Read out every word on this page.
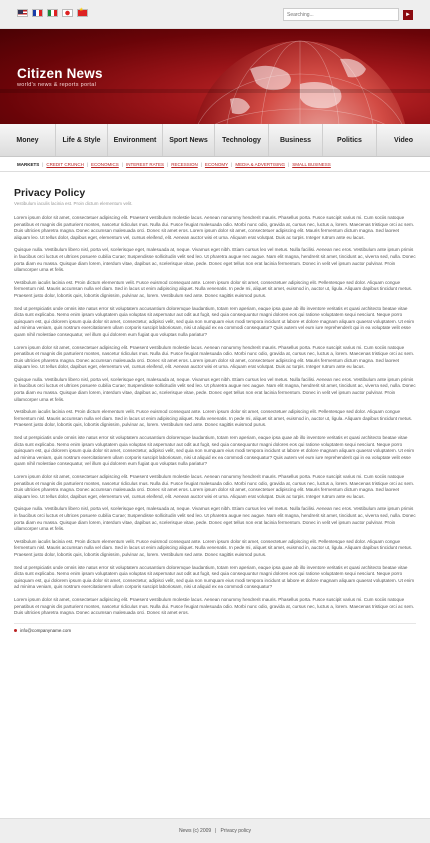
★
Searching...
►
Citizen News
world's news & reports portal
Money	Life & Style	Environment	Sport News	Technology	Business	Politics	Video
MARKETS | CREDIT CRUNCH | ECONOMICS | INTEREST RATES | RECESSION | ECONOMY | MEDIA & ADVERTISING | SMALL BUSINESS
Privacy Policy
Vestibulum iaculis lacinia est. Proin dictum elementum velit.

Lorem ipsum dolor sit amet, consectetuer adipiscing elit. Praesent vestibulum molestie lacus. Aenean nonummy hendrerit mauris. Phasellus porta. Fusce suscipit varius mi. Cum sociis natoque penatibus et magnis dis parturient montes, nascetur ridiculus mus. Nulla dui. Fusce feugiat malesuada odio. Morbi nunc odio, gravida at, cursus nec, luctus a, lorem. Maecenas tristique orci ac sem. Duis ultricies pharetra magna. Donec accumsan malesuada orci. Donec sit amet eros. Lorem ipsum dolor sit amet, consectetuer adipiscing elit. Mauris fermentum dictum magna. Sed laoreet aliquam leo. Ut tellus dolor, dapibus eget, elementum vel, cursus eleifend, elit. Aenean auctor wisi et urna. Aliquam erat volutpat. Duis ac turpis. Integer rutrum ante eu lacus.

Quisque nulla. Vestibulum libero nisl, porta vel, scelerisque eget, malesuada at, neque. Vivamus eget nibh. Etiam cursus leo vel metus. Nulla facilisi. Aenean nec eros. Vestibulum ante ipsum primis in faucibus orci luctus et ultrices posuere cubilia Curae; Suspendisse sollicitudin velit sed leo. Ut pharetra augue nec augue. Nam elit magna, hendrerit sit amet, tincidunt ac, viverra sed, nulla. Donec porta diam eu massa. Quisque diam lorem, interdum vitae, dapibus ac, scelerisque vitae, pede. Donec eget tellus non erat lacinia fermentum. Donec in velit vel ipsum auctor pulvinar. Proin ullamcorper urna et felis.

Vestibulum iaculis lacinia est. Proin dictum elementum velit. Fusce euismod consequat ante. Lorem ipsum dolor sit amet, consectetuer adipiscing elit. Pellentesque sed dolor. Aliquam congue fermentum nisl. Mauris accumsan nulla vel diam. Sed in lacus ut enim adipiscing aliquet. Nulla venenatis. In pede mi, aliquet sit amet, euismod in, auctor ut, ligula. Aliquam dapibus tincidunt metus. Praesent justo dolor, lobortis quis, lobortis dignissim, pulvinar ac, lorem. Vestibulum sed ante. Donec sagittis euismod purus.

Sed ut perspiciatis unde omnis iste natus error sit voluptatem accusantium doloremque laudantium, totam rem aperiam, eaque ipsa quae ab illo inventore veritatis et quasi architecto beatae vitae dicta sunt explicabo. Nemo enim ipsam voluptatem quia voluptas sit aspernatur aut odit aut fugit, sed quia consequuntur magni dolores eos qui ratione voluptatem sequi nesciunt. Neque porro quisquam est, qui dolorem ipsum quia dolor sit amet, consectetur, adipisci velit, sed quia non numquam eius modi tempora incidunt ut labore et dolore magnam aliquam quaerat voluptatem. Ut enim ad minima veniam, quis nostrum exercitationem ullam corporis suscipit laboriosam, nisi ut aliquid ex ea commodi consequatur? Quis autem vel eum iure reprehenderit qui in ea voluptate velit esse quam nihil molestiae consequatur, vel illum qui dolorem eum fugiat quo voluptas nulla pariatur?

Lorem ipsum dolor sit amet, consectetuer adipiscing elit. Praesent vestibulum molestie lacus. Aenean nonummy hendrerit mauris. Phasellus porta. Fusce suscipit varius mi. Cum sociis natoque penatibus et magnis dis parturient montes, nascetur ridiculus mus. Nulla dui. Fusce feugiat malesuada odio. Morbi nunc odio, gravida at, cursus nec, luctus a, lorem. Maecenas tristique orci ac sem. Duis ultricies pharetra magna. Donec accumsan malesuada orci. Donec sit amet eros. Lorem ipsum dolor sit amet, consectetuer adipiscing elit. Mauris fermentum dictum magna. Sed laoreet aliquam leo. Ut tellus dolor, dapibus eget, elementum vel, cursus eleifend, elit. Aenean auctor wisi et urna. Aliquam erat volutpat. Duis ac turpis. Integer rutrum ante eu lacus.

Quisque nulla. Vestibulum libero nisl, porta vel, scelerisque eget, malesuada at, neque. Vivamus eget nibh. Etiam cursus leo vel metus. Nulla facilisi. Aenean nec eros. Vestibulum ante ipsum primis in faucibus orci luctus et ultrices posuere cubilia Curae; Suspendisse sollicitudin velit sed leo. Ut pharetra augue nec augue. Nam elit magna, hendrerit sit amet, tincidunt ac, viverra sed, nulla. Donec porta diam eu massa. Quisque diam lorem, interdum vitae, dapibus ac, scelerisque vitae, pede. Donec eget tellus non erat lacinia fermentum. Donec in velit vel ipsum auctor pulvinar. Proin ullamcorper urna et felis.

Vestibulum iaculis lacinia est. Proin dictum elementum velit. Fusce euismod consequat ante. Lorem ipsum dolor sit amet, consectetuer adipiscing elit. Pellentesque sed dolor. Aliquam congue fermentum nisl. Mauris accumsan nulla vel diam. Sed in lacus ut enim adipiscing aliquet. Nulla venenatis. In pede mi, aliquet sit amet, euismod in, auctor ut, ligula. Aliquam dapibus tincidunt metus. Praesent justo dolor, lobortis quis, lobortis dignissim, pulvinar ac, lorem. Vestibulum sed ante. Donec sagittis euismod purus.

Sed ut perspiciatis unde omnis iste natus error sit voluptatem accusantium doloremque laudantium, totam rem aperiam, eaque ipsa quae ab illo inventore veritatis et quasi architecto beatae vitae dicta sunt explicabo. Nemo enim ipsam voluptatem quia voluptas sit aspernatur aut odit aut fugit, sed quia consequuntur magni dolores eos qui ratione voluptatem sequi nesciunt. Neque porro quisquam est, qui dolorem ipsum quia dolor sit amet, consectetur, adipisci velit, sed quia non numquam eius modi tempora incidunt ut labore et dolore magnam aliquam quaerat voluptatem. Ut enim ad minima veniam, quis nostrum exercitationem ullam corporis suscipit laboriosam, nisi ut aliquid ex ea commodi consequatur? Quis autem vel eum iure reprehenderit qui in ea voluptate velit esse quam nihil molestiae consequatur, vel illum qui dolorem eum fugiat quo voluptas nulla pariatur?

Lorem ipsum dolor sit amet, consectetuer adipiscing elit. Praesent vestibulum molestie lacus. Aenean nonummy hendrerit mauris. Phasellus porta. Fusce suscipit varius mi. Cum sociis natoque penatibus et magnis dis parturient montes, nascetur ridiculus mus. Nulla dui. Fusce feugiat malesuada odio. Morbi nunc odio, gravida at, cursus nec, luctus a, lorem. Maecenas tristique orci ac sem. Duis ultricies pharetra magna. Donec accumsan malesuada orci. Donec sit amet eros. Lorem ipsum dolor sit amet, consectetuer adipiscing elit. Mauris fermentum dictum magna. Sed laoreet aliquam leo. Ut tellus dolor, dapibus eget, elementum vel, cursus eleifend, elit. Aenean auctor wisi et urna. Aliquam erat volutpat. Duis ac turpis. Integer rutrum ante eu lacus.

Quisque nulla. Vestibulum libero nisl, porta vel, scelerisque eget, malesuada at, neque. Vivamus eget nibh. Etiam cursus leo vel metus. Nulla facilisi. Aenean nec eros. Vestibulum ante ipsum primis in faucibus orci luctus et ultrices posuere cubilia Curae; Suspendisse sollicitudin velit sed leo. Ut pharetra augue nec augue. Nam elit magna, hendrerit sit amet, tincidunt ac, viverra sed, nulla. Donec porta diam eu massa. Quisque diam lorem, interdum vitae, dapibus ac, scelerisque vitae, pede. Donec eget tellus non erat lacinia fermentum. Donec in velit vel ipsum auctor pulvinar. Proin ullamcorper urna et felis.

Vestibulum iaculis lacinia est. Proin dictum elementum velit. Fusce euismod consequat ante. Lorem ipsum dolor sit amet, consectetuer adipiscing elit. Pellentesque sed dolor. Aliquam congue fermentum nisl. Mauris accumsan nulla vel diam. Sed in lacus ut enim adipiscing aliquet. Nulla venenatis. In pede mi, aliquet sit amet, euismod in, auctor ut, ligula. Aliquam dapibus tincidunt metus. Praesent justo dolor, lobortis quis, lobortis dignissim, pulvinar ac, lorem. Vestibulum sed ante. Donec sagittis euismod purus.

Sed ut perspiciatis unde omnis iste natus error sit voluptatem accusantium doloremque laudantium, totam rem aperiam, eaque ipsa quae ab illo inventore veritatis et quasi architecto beatae vitae dicta sunt explicabo. Nemo enim ipsam voluptatem quia voluptas sit aspernatur aut odit aut fugit, sed quia consequuntur magni dolores eos qui ratione voluptatem sequi nesciunt. Neque porro quisquam est, qui dolorem ipsum quia dolor sit amet, consectetur, adipisci velit, sed quia non numquam eius modi tempora incidunt ut labore et dolore magnam aliquam quaerat voluptatem. Ut enim ad minima veniam, quis nostrum exercitationem ullam corporis suscipit laboriosam, nisi ut aliquid ex ea commodi consequatur?

Lorem ipsum dolor sit amet, consectetuer adipiscing elit. Praesent vestibulum molestie lacus. Aenean nonummy hendrerit mauris. Phasellus porta. Fusce suscipit varius mi. Cum sociis natoque penatibus et magnis dis parturient montes, nascetur ridiculus mus. Nulla dui. Fusce feugiat malesuada odio. Morbi nunc odio, gravida at, cursus nec, luctus a, lorem. Maecenas tristique orci ac sem. Duis ultricies pharetra magna. Donec accumsan malesuada orci. Donec sit amet eros.

info@companyname.com
News (c) 2009 | Privacy policy
